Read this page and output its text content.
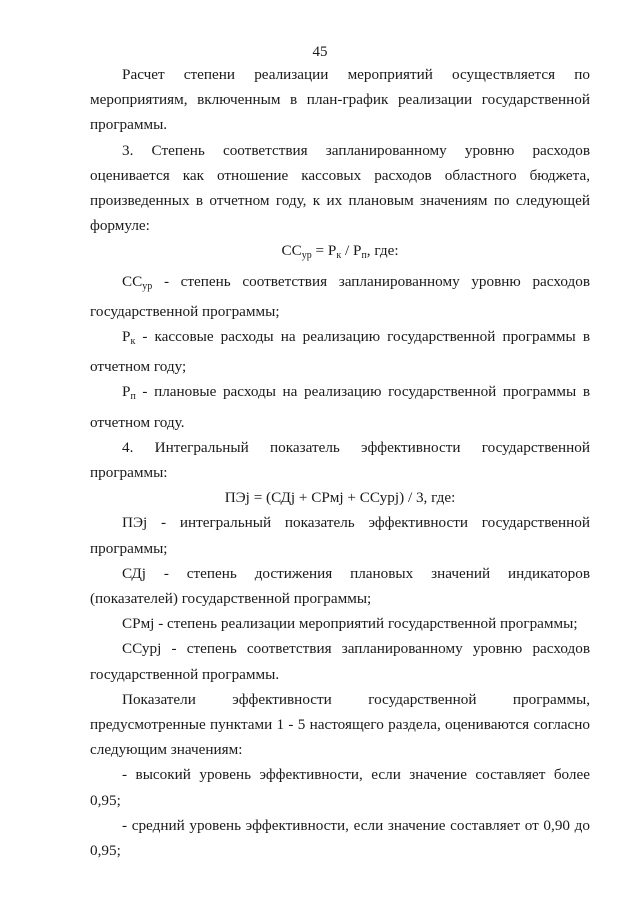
45

Расчет степени реализации мероприятий осуществляется по мероприятиям, включенным в план-график реализации государственной программы.

3. Степень соответствия запланированному уровню расходов оценивается как отношение кассовых расходов областного бюджета, произведенных в отчетном году, к их плановым значениям по следующей формуле:

$СС_{ур} = Р_к / Р_п$, где:

$СС_{ур}$ - степень соответствия запланированному уровню расходов государственной программы;

$Р_к$ - кассовые расходы на реализацию государственной программы в отчетном году;

$Р_п$ - плановые расходы на реализацию государственной программы в отчетном году.

4. Интегральный показатель эффективности государственной программы:

ПЭj = (СДj + СРмj + ССурj) / 3, где:

ПЭj - интегральный показатель эффективности государственной программы;

СДj - степень достижения плановых значений индикаторов (показателей) государственной программы;

СРмj - степень реализации мероприятий государственной программы;

ССурj - степень соответствия запланированному уровню расходов государственной программы.

Показатели эффективности государственной программы, предусмотренные пунктами 1 - 5 настоящего раздела, оцениваются согласно следующим значениям:

- высокий уровень эффективности, если значение составляет более 0,95;

- средний уровень эффективности, если значение составляет от 0,90 до 0,95;
